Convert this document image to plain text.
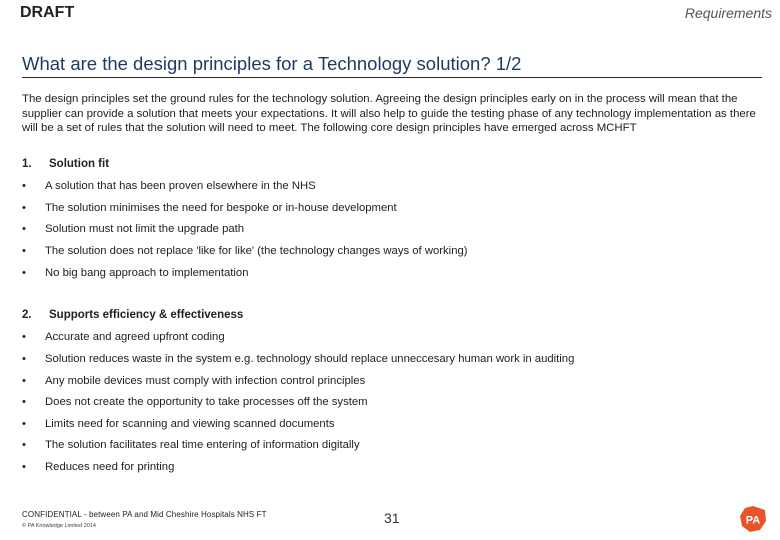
DRAFT	Requirements
What are the design principles for a Technology solution? 1/2
The design principles set the ground rules for the technology solution. Agreeing the design principles early on in the process will mean that the supplier can provide a solution that meets your expectations. It will also help to guide the testing phase of any technology implementation as there will be a set of rules that the solution will need to meet. The following core design principles have emerged across MCHFT
1. Solution fit
• A solution that has been proven elsewhere in the NHS
• The solution minimises the need for bespoke or in-house development
• Solution must not limit the upgrade path
• The solution does not replace 'like for like' (the technology changes ways of working)
• No big bang approach to implementation
2. Supports efficiency & effectiveness
• Accurate and agreed upfront coding
• Solution reduces waste in the system e.g. technology should replace unneccesary human work in auditing
• Any mobile devices must comply with infection control principles
• Does not create the opportunity to take processes off the system
• Limits need for scanning and viewing scanned documents
• The solution facilitates real time entering of information digitally
• Reduces need for printing
CONFIDENTIAL - between PA and Mid Cheshire Hospitals NHS FT
© PA Knowledge Limited 2014	31	PA
